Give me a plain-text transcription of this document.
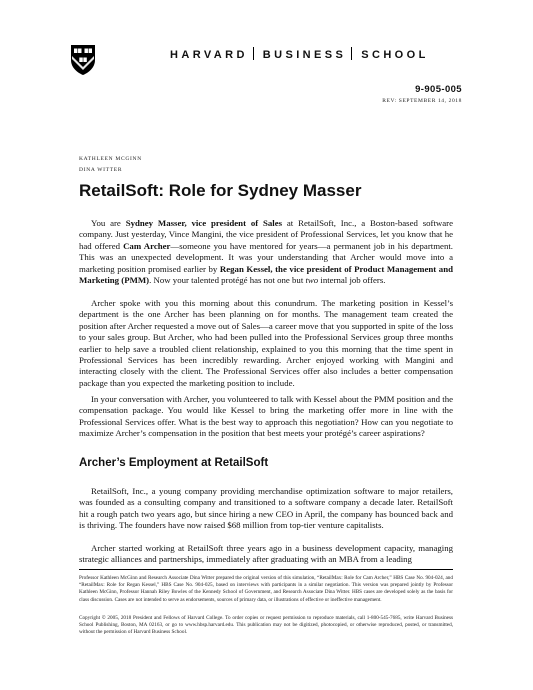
HARVARD BUSINESS SCHOOL
9-905-005
REV: SEPTEMBER 14, 2018
KATHLEEN MCGINN
DINA WITTER
RetailSoft: Role for Sydney Masser

You are Sydney Masser, vice president of Sales at RetailSoft, Inc., a Boston-based software company. Just yesterday, Vince Mangini, the vice president of Professional Services, let you know that he had offered Cam Archer—someone you have mentored for years—a permanent job in his department. This was an unexpected development. It was your understanding that Archer would move into a marketing position promised earlier by Regan Kessel, the vice president of Product Management and Marketing (PMM). Now your talented protégé has not one but two internal job offers.

Archer spoke with you this morning about this conundrum. The marketing position in Kessel’s department is the one Archer has been planning on for months. The management team created the position after Archer requested a move out of Sales—a career move that you supported in spite of the loss to your sales group. But Archer, who had been pulled into the Professional Services group three months earlier to help save a troubled client relationship, explained to you this morning that the time spent in Professional Services has been incredibly rewarding. Archer enjoyed working with Mangini and interacting closely with the client. The Professional Services offer also includes a better compensation package than you expected the marketing position to include.

In your conversation with Archer, you volunteered to talk with Kessel about the PMM position and the compensation package. You would like Kessel to bring the marketing offer more in line with the Professional Services offer. What is the best way to approach this negotiation? How can you negotiate to maximize Archer’s compensation in the position that best meets your protégé’s career aspirations?

Archer’s Employment at RetailSoft

RetailSoft, Inc., a young company providing merchandise optimization software to major retailers, was founded as a consulting company and transitioned to a software company a decade later. RetailSoft hit a rough patch two years ago, but since hiring a new CEO in April, the company has bounced back and is thriving. The founders have now raised $68 million from top-tier venture capitalists.

Archer started working at RetailSoft three years ago in a business development capacity, managing strategic alliances and partnerships, immediately after graduating with an MBA from a leading

Professor Kathleen McGinn and Research Associate Dina Witter prepared the original version of this simulation, “RetailMax: Role for Cam Archer,” HBS Case No. 904-024, and “RetailMax: Role for Regan Kessel,” HBS Case No. 904-025, based on interviews with participants in a similar negotiation. This version was prepared jointly by Professor Kathleen McGinn, Professor Hannah Riley Bowles of the Kennedy School of Government, and Research Associate Dina Witter. HBS cases are developed solely as the basis for class discussion. Cases are not intended to serve as endorsements, sources of primary data, or illustrations of effective or ineffective management.

Copyright © 2005, 2018 President and Fellows of Harvard College. To order copies or request permission to reproduce materials, call 1-800-545-7685, write Harvard Business School Publishing, Boston, MA 02163, or go to www.hbsp.harvard.edu. This publication may not be digitized, photocopied, or otherwise reproduced, posted, or transmitted, without the permission of Harvard Business School.
